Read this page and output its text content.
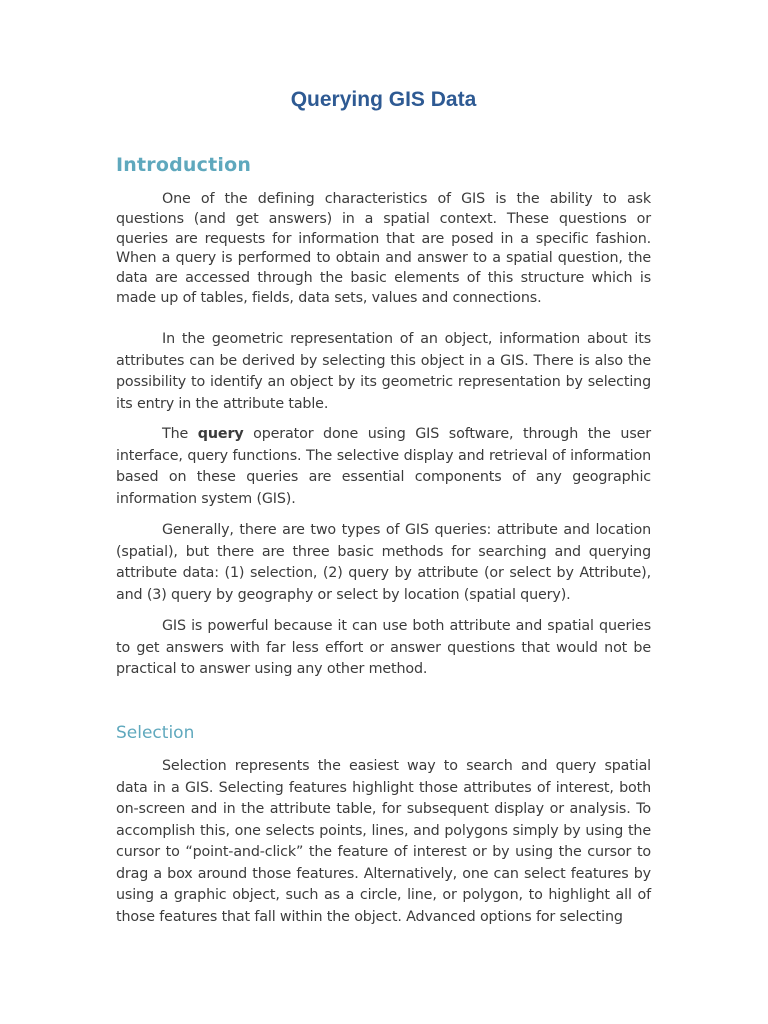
Querying GIS Data
Introduction

One of the defining characteristics of GIS is the ability to ask questions (and get answers) in a spatial context. These questions or queries are requests for information that are posed in a specific fashion. When a query is performed to obtain and answer to a spatial question, the data are accessed through the basic elements of this structure which is made up of tables, fields, data sets, values and connections.

In the geometric representation of an object, information about its attributes can be derived by selecting this object in a GIS. There is also the possibility to identify an object by its geometric representation by selecting its entry in the attribute table.

The query operator done using GIS software, through the user interface, query functions. The selective display and retrieval of information based on these queries are essential components of any geographic information system (GIS).

Generally, there are two types of GIS queries: attribute and location (spatial), but there are three basic methods for searching and querying attribute data: (1) selection, (2) query by attribute (or select by Attribute), and (3) query by geography or select by location (spatial query).

GIS is powerful because it can use both attribute and spatial queries to get answers with far less effort or answer questions that would not be practical to answer using any other method.

Selection

Selection represents the easiest way to search and query spatial data in a GIS. Selecting features highlight those attributes of interest, both on-screen and in the attribute table, for subsequent display or analysis. To accomplish this, one selects points, lines, and polygons simply by using the cursor to “point-and-click” the feature of interest or by using the cursor to drag a box around those features. Alternatively, one can select features by using a graphic object, such as a circle, line, or polygon, to highlight all of those features that fall within the object. Advanced options for selecting
